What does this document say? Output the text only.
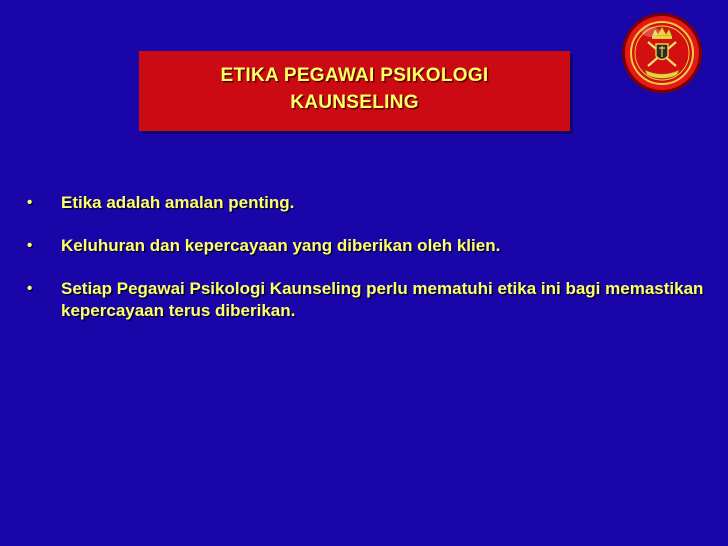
ETIKA PEGAWAI PSIKOLOGI
KAUNSELING
• Etika adalah amalan penting.
• Keluhuran dan kepercayaan yang diberikan oleh klien.
• Setiap Pegawai Psikologi Kaunseling perlu mematuhi etika ini bagi memastikan kepercayaan terus diberikan.
